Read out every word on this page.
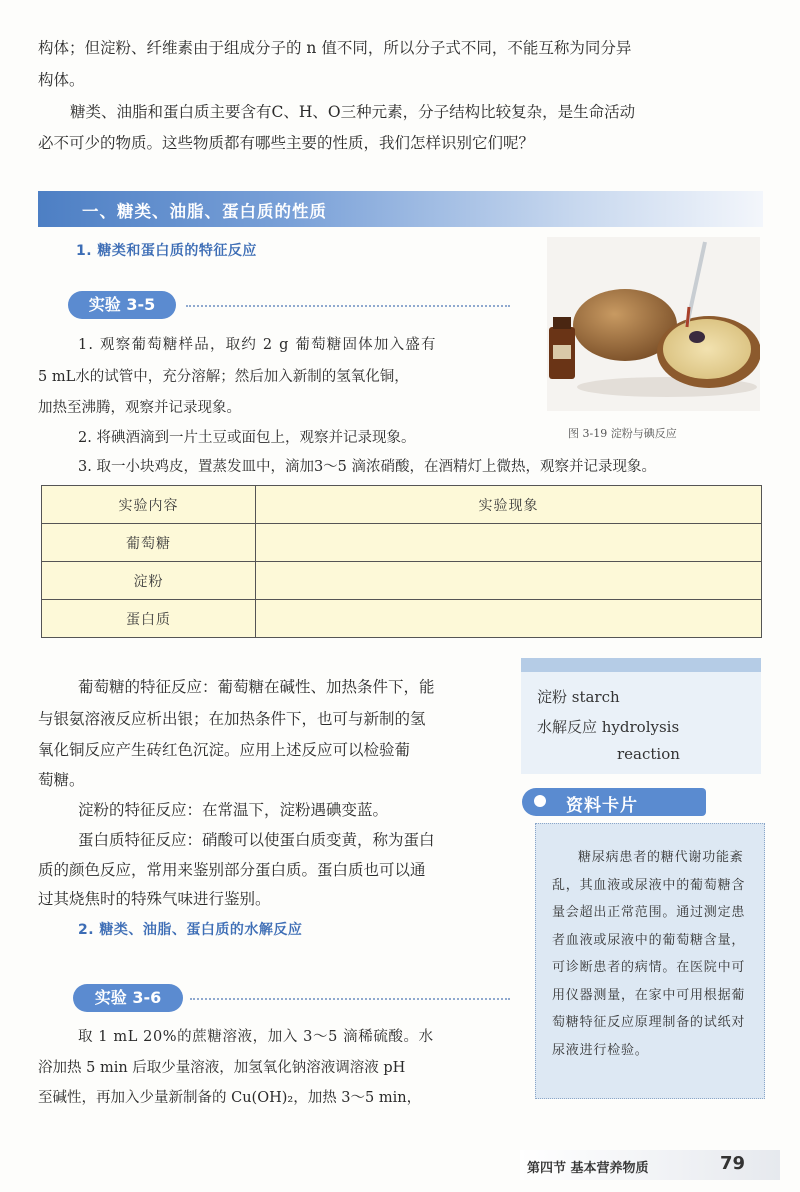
构体；但淀粉、纤维素由于组成分子的 n 值不同，所以分子式不同，不能互称为同分异
构体。
糖类、油脂和蛋白质主要含有C、H、O三种元素，分子结构比较复杂，是生命活动
必不可少的物质。这些物质都有哪些主要的性质，我们怎样识别它们呢？
一、糖类、油脂、蛋白质的性质
1. 糖类和蛋白质的特征反应
实验 3-5
1. 观察葡萄糖样品，取约 2 g 葡萄糖固体加入盛有
5 mL水的试管中，充分溶解；然后加入新制的氢氧化铜，
加热至沸腾，观察并记录现象。
2. 将碘酒滴到一片土豆或面包上，观察并记录现象。
3. 取一小块鸡皮，置蒸发皿中，滴加3～5 滴浓硝酸，在酒精灯上微热，观察并记录现象。
图 3-19 淀粉与碘反应
实验内容	实验现象
葡萄糖	
淀粉	
蛋白质	
葡萄糖的特征反应：葡萄糖在碱性、加热条件下，能
与银氨溶液反应析出银；在加热条件下，也可与新制的氢
氧化铜反应产生砖红色沉淀。应用上述反应可以检验葡
萄糖。
淀粉的特征反应：在常温下，淀粉遇碘变蓝。
蛋白质特征反应：硝酸可以使蛋白质变黄，称为蛋白
质的颜色反应，常用来鉴别部分蛋白质。蛋白质也可以通
过其烧焦时的特殊气味进行鉴别。
2. 糖类、油脂、蛋白质的水解反应
淀粉 starch
水解反应 hydrolysis
reaction
资料卡片

糖尿病患者的糖代谢功能紊乱，其血液或尿液中的葡萄糖含量会超出正常范围。通过测定患者血液或尿液中的葡萄糖含量，可诊断患者的病情。在医院中可用仪器测量，在家中可用根据葡萄糖特征反应原理制备的试纸对尿液进行检验。

实验 3-6
取 1 mL 20%的蔗糖溶液，加入 3～5 滴稀硫酸。水
浴加热 5 min 后取少量溶液，加氢氧化钠溶液调溶液 pH
至碱性，再加入少量新制备的 Cu(OH)₂，加热 3～5 min，
第四节 基本营养物质	79
